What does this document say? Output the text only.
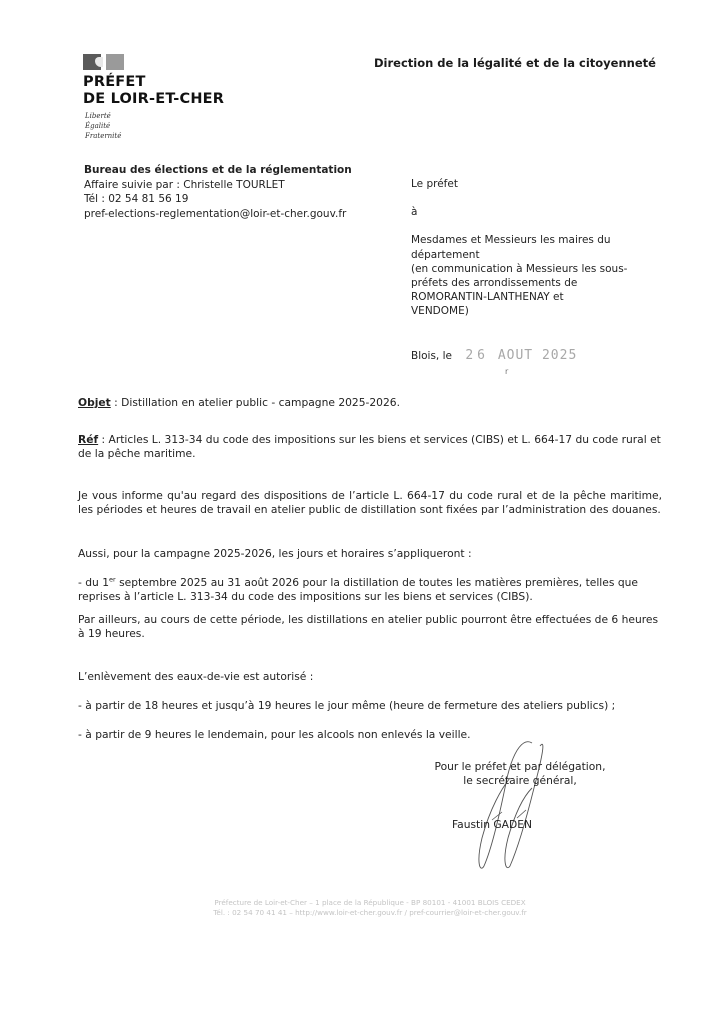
PRÉFET
DE LOIR-ET-CHER
Liberté
Égalité
Fraternité
Direction de la légalité et de la citoyenneté
Bureau des élections et de la réglementation
Affaire suivie par : Christelle TOURLET
Tél : 02 54 81 56 19
pref-elections-reglementation@loir-et-cher.gouv.fr

Le préfet

à

Mesdames et Messieurs les maires du

département

(en communication à Messieurs les sous-

préfets des arrondissements de

ROMORANTIN-LANTHENAY et

VENDOME)

Blois, le 26 AOUT 2025
r
Objet : Distillation en atelier public - campagne 2025-2026.
Réf : Articles L. 313-34 du code des impositions sur les biens et services (CIBS) et L. 664-17 du code rural et de la pêche maritime.
Je vous informe qu'au regard des dispositions de l’article L. 664-17 du code rural et de la pêche maritime, les périodes et heures de travail en atelier public de distillation sont fixées par l’administration des douanes.
Aussi, pour la campagne 2025-2026, les jours et horaires s’appliqueront :
- du 1er septembre 2025 au 31 août 2026 pour la distillation de toutes les matières premières, telles que reprises à l’article L. 313-34 du code des impositions sur les biens et services (CIBS).
Par ailleurs, au cours de cette période, les distillations en atelier public pourront être effectuées de 6 heures à 19 heures.
L’enlèvement des eaux-de-vie est autorisé :
- à partir de 18 heures et jusqu’à 19 heures le jour même (heure de fermeture des ateliers publics) ;
- à partir de 9 heures le lendemain, pour les alcools non enlevés la veille.
Pour le préfet et par délégation,
le secrétaire général,
Faustin GADEN
Préfecture de Loir-et-Cher – 1 place de la République - BP 80101 - 41001 BLOIS CEDEX
Tél. : 02 54 70 41 41 – http://www.loir-et-cher.gouv.fr / pref-courrier@loir-et-cher.gouv.fr
